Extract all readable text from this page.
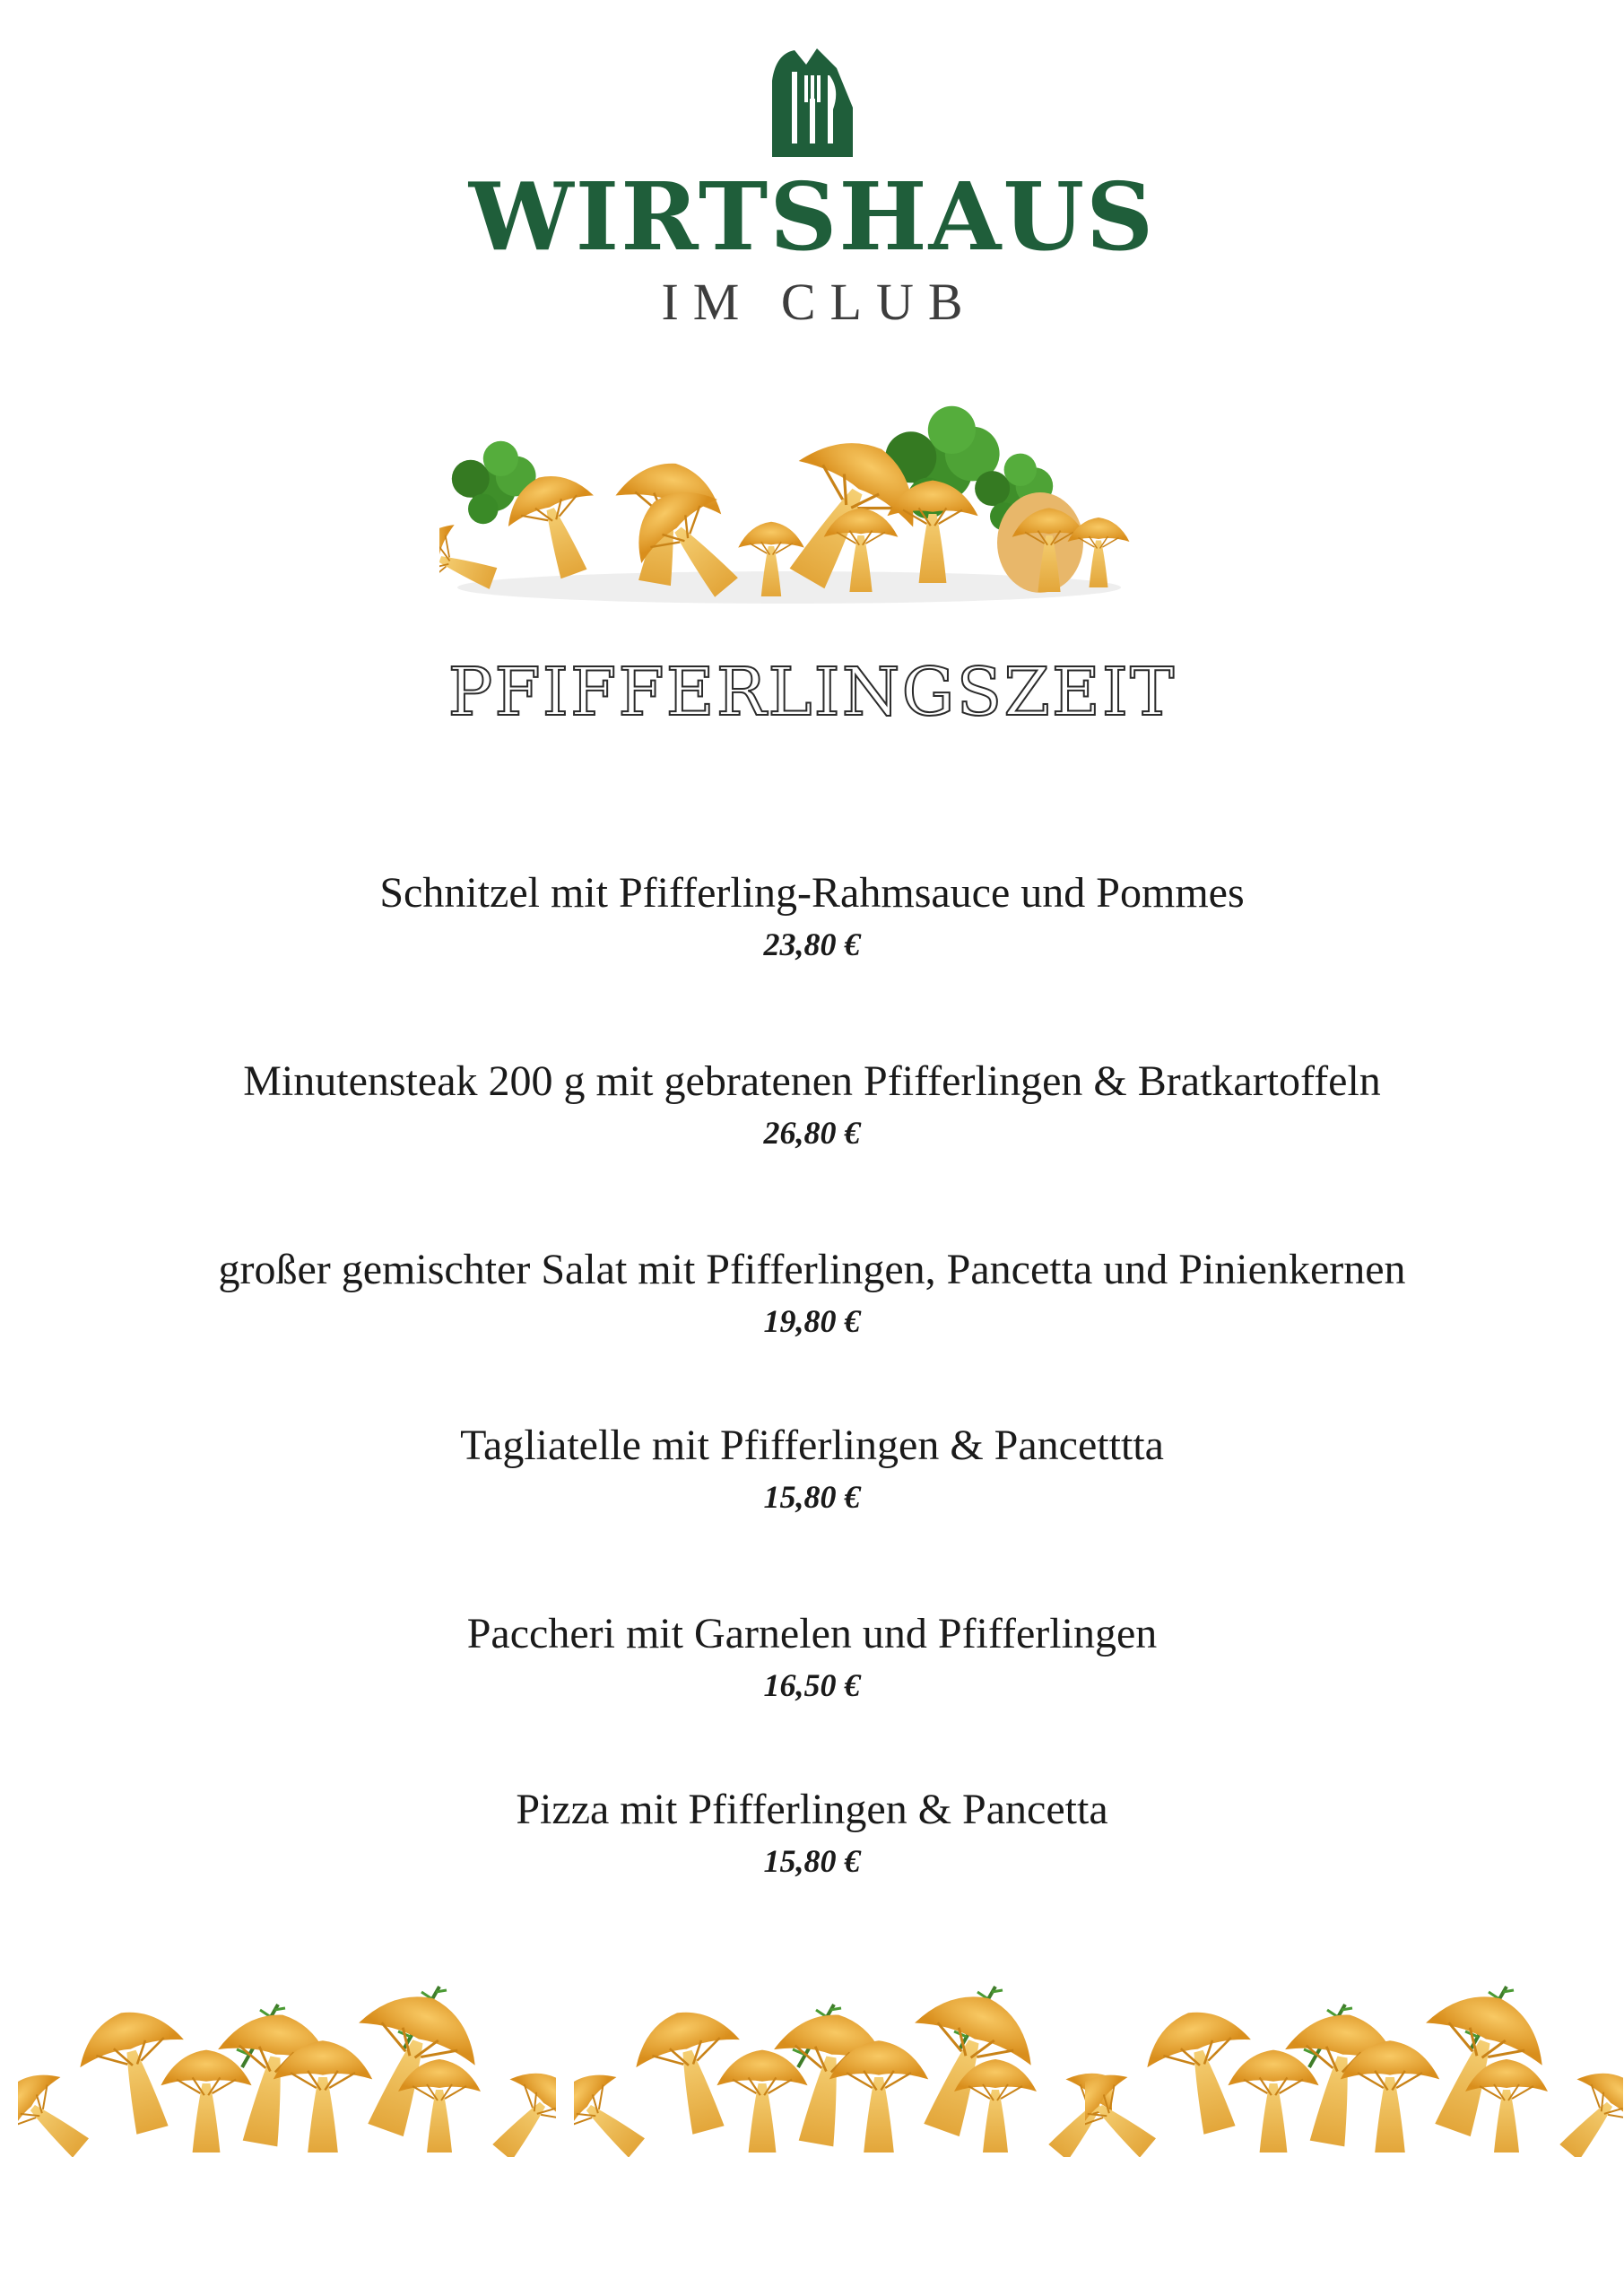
WIRTSHAUS
IM CLUB
PFIFFERLINGSZEIT
Schnitzel mit Pfifferling-Rahmsauce und Pommes
23,80 €
Minutensteak 200 g mit gebratenen Pfifferlingen & Bratkartoffeln
26,80 €
großer gemischter Salat mit Pfifferlingen, Pancetta und Pinienkernen
19,80 €
Tagliatelle mit Pfifferlingen & Pancetttta
15,80 €
Paccheri mit Garnelen und Pfifferlingen
16,50 €
Pizza mit Pfifferlingen & Pancetta
15,80 €
